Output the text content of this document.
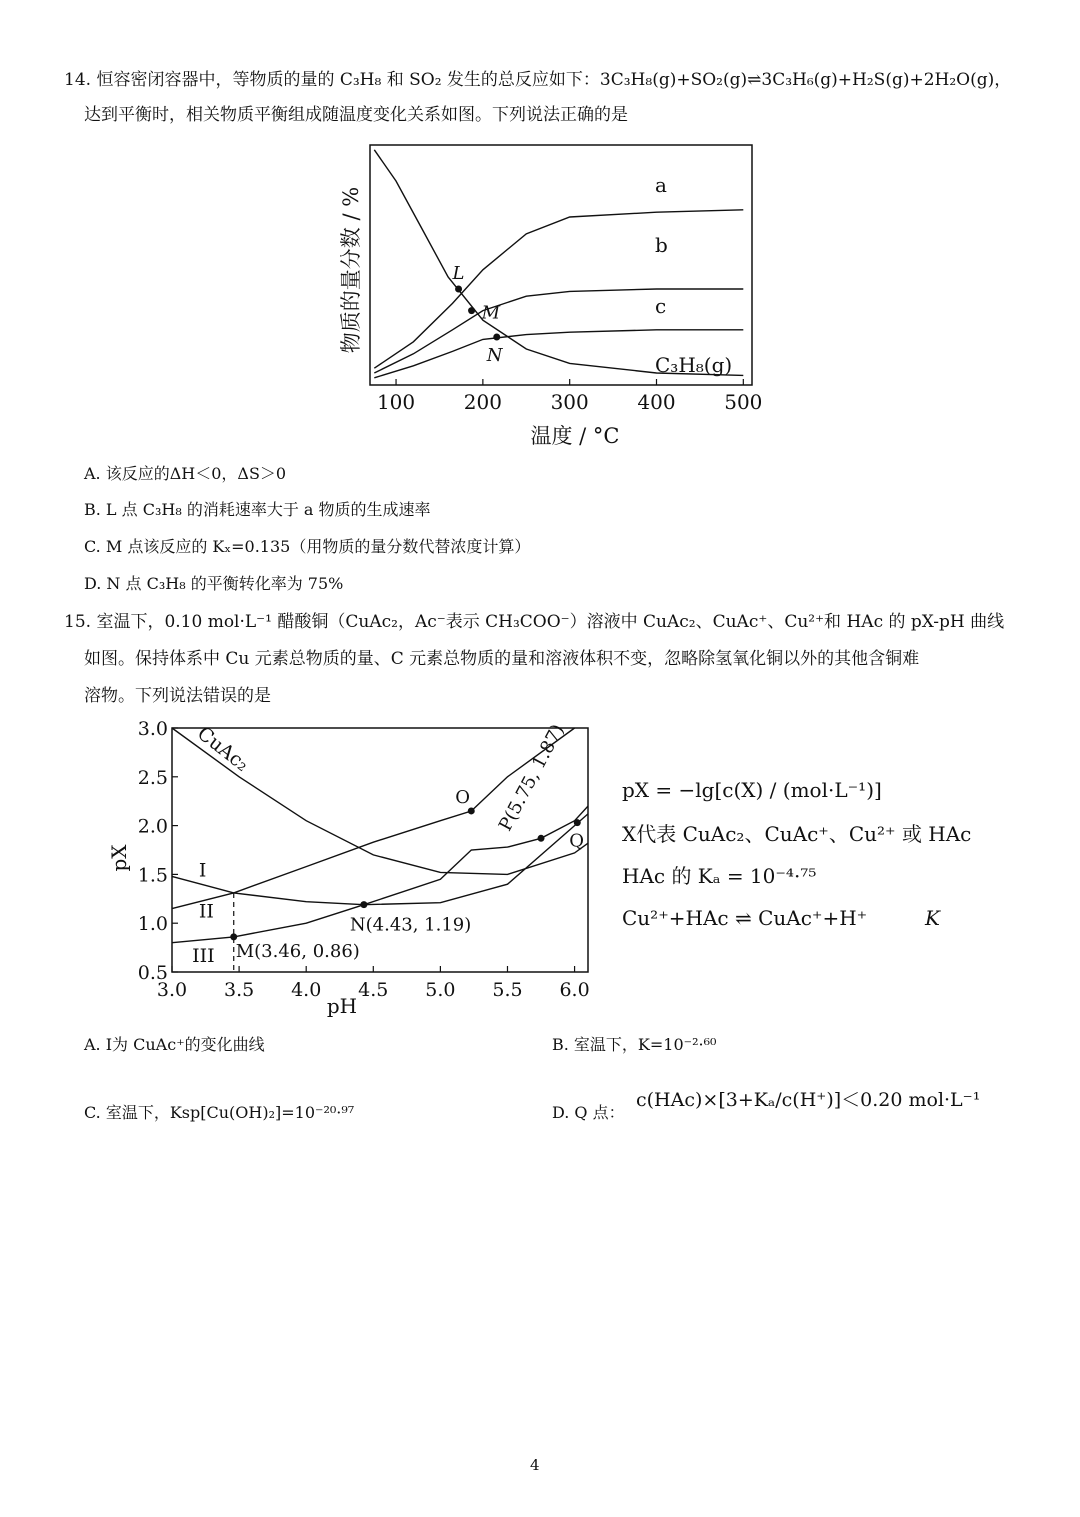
14. 恒容密闭容器中，等物质的量的 C₃H₈ 和 SO₂ 发生的总反应如下：3C₃H₈(g)+SO₂(g)⇌3C₃H₆(g)+H₂S(g)+2H₂O(g)，
达到平衡时，相关物质平衡组成随温度变化关系如图。下列说法正确的是
100 200 300 400 500
L
M
N
物质的量分数 / %
温度 / °C
a
b
c
C₃H₈(g)
A. 该反应的ΔH＜0，ΔS＞0
B. L 点 C₃H₈ 的消耗速率大于 a 物质的生成速率
C. M 点该反应的 Kₓ=0.135（用物质的量分数代替浓度计算）
D. N 点 C₃H₈ 的平衡转化率为 75%
15. 室温下，0.10 mol·L⁻¹ 醋酸铜（CuAc₂，Ac⁻表示 CH₃COO⁻）溶液中 CuAc₂、CuAc⁺、Cu²⁺和 HAc 的 pX-pH 曲线
如图。保持体系中 Cu 元素总物质的量、C 元素总物质的量和溶液体积不变，忽略除氢氧化铜以外的其他含铜难
溶物。下列说法错误的是
3.0 3.5 4.0 4.5 5.0 5.5 6.0
0.5
1.0
1.5
2.0
2.5
3.0
O P(5.75, 1.87)
Q
N(4.43, 1.19)
M(3.46, 0.86)
I
II
III
CuAc₂
pX
pH
pX = −lg[c(X) / (mol·L⁻¹)]
X代表 CuAc₂、CuAc⁺、Cu²⁺ 或 HAc
HAc 的 Kₐ = 10⁻⁴·⁷⁵
Cu²⁺+HAc ⇌ CuAc⁺+H⁺	K
A. I为 CuAc⁺的变化曲线	B. 室温下，K=10⁻²·⁶⁰
C. 室温下，Ksp[Cu(OH)₂]=10⁻²⁰·⁹⁷	D. Q 点：
c(HAc)×[3+Kₐ/c(H⁺)]＜0.20 mol·L⁻¹
4
